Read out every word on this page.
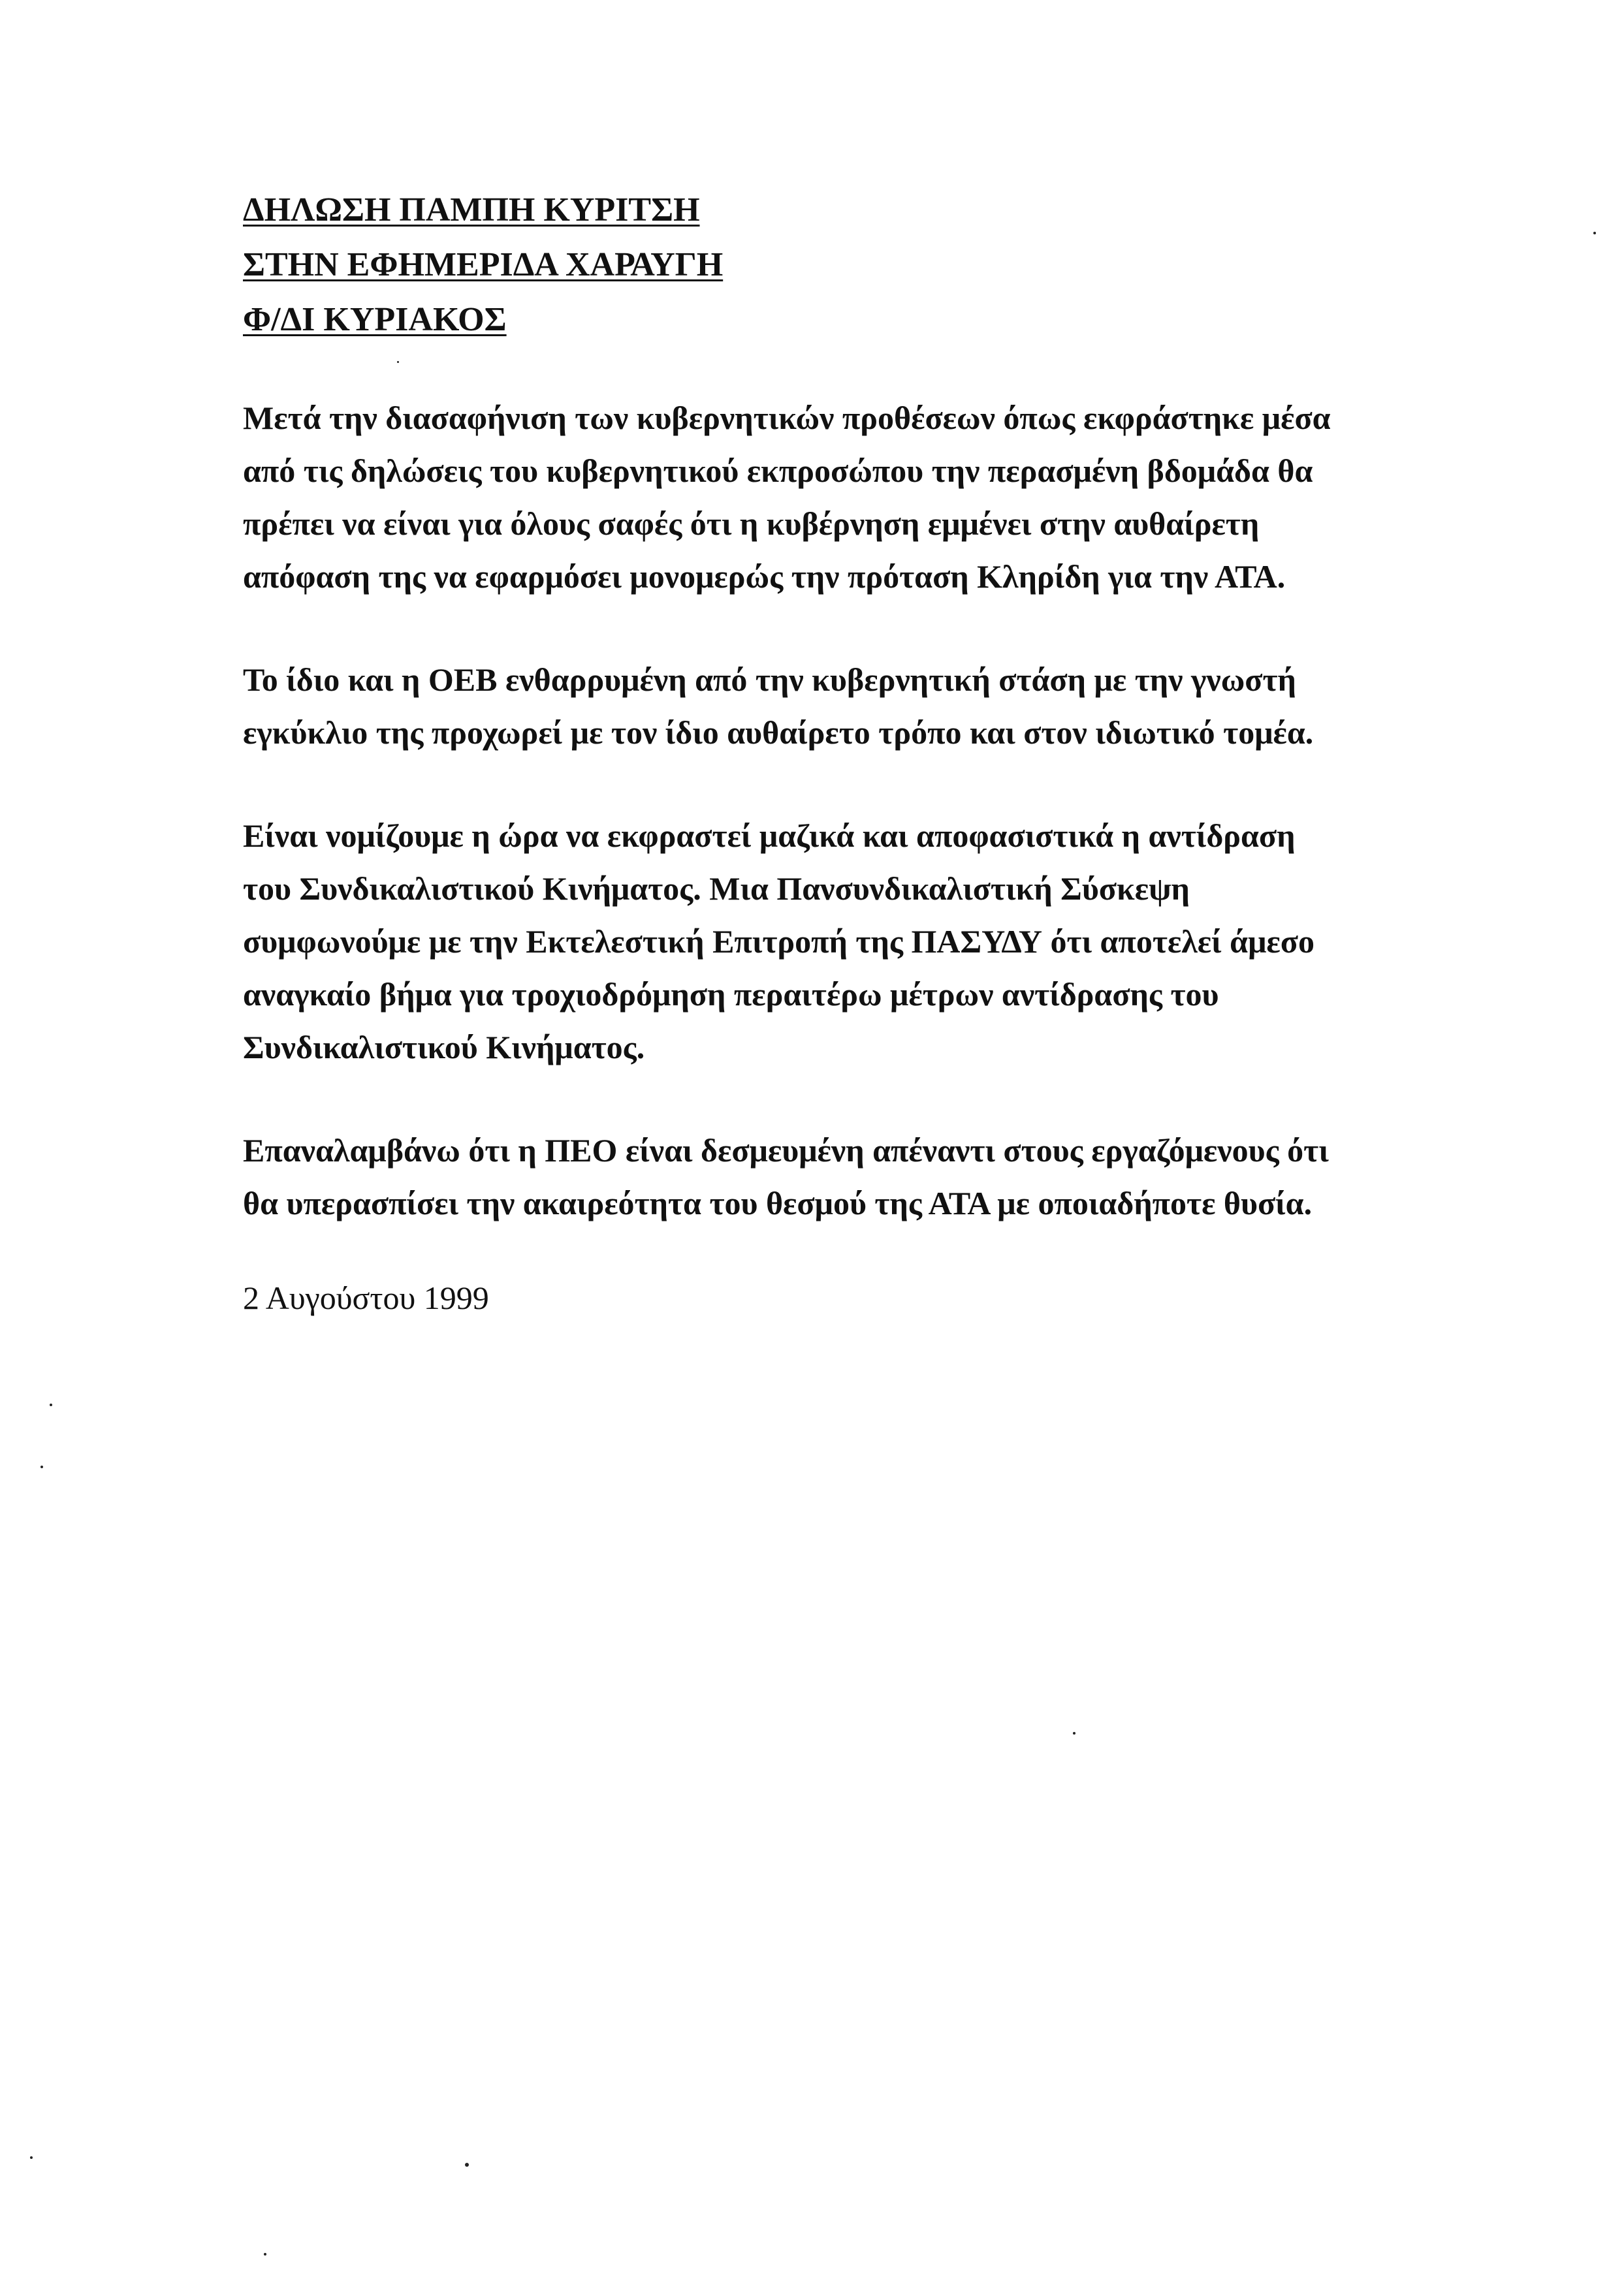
ΔΗΛΩΣΗ ΠΑΜΠΗ ΚΥΡΙΤΣΗ
ΣΤΗΝ ΕΦΗΜΕΡΙΔΑ ΧΑΡΑΥΓΗ
Φ/ΔΙ ΚΥΡΙΑΚΟΣ

Μετά την διασαφήνιση των κυβερνητικών προθέσεων όπως εκφράστηκε μέσα
από τις δηλώσεις του κυβερνητικού εκπροσώπου την περασμένη βδομάδα θα
πρέπει να είναι για όλους σαφές ότι η κυβέρνηση εμμένει στην αυθαίρετη
απόφαση της να εφαρμόσει μονομερώς την πρόταση Κληρίδη για την ΑΤΑ.

Το ίδιο και η ΟΕΒ ενθαρρυμένη από την κυβερνητική στάση με την γνωστή
εγκύκλιο της προχωρεί με τον ίδιο αυθαίρετο τρόπο και στον ιδιωτικό τομέα.

Είναι νομίζουμε η ώρα να εκφραστεί μαζικά και αποφασιστικά η αντίδραση
του Συνδικαλιστικού Κινήματος. Μια Πανσυνδικαλιστική Σύσκεψη
συμφωνούμε με την Εκτελεστική Επιτροπή της ΠΑΣΥΔΥ ότι αποτελεί άμεσο
αναγκαίο βήμα για τροχιοδρόμηση περαιτέρω μέτρων αντίδρασης του
Συνδικαλιστικού Κινήματος.

Επαναλαμβάνω ότι η ΠΕΟ είναι δεσμευμένη απέναντι στους εργαζόμενους ότι
θα υπερασπίσει την ακαιρεότητα του θεσμού της ΑΤΑ με οποιαδήποτε θυσία.

2 Αυγούστου 1999
